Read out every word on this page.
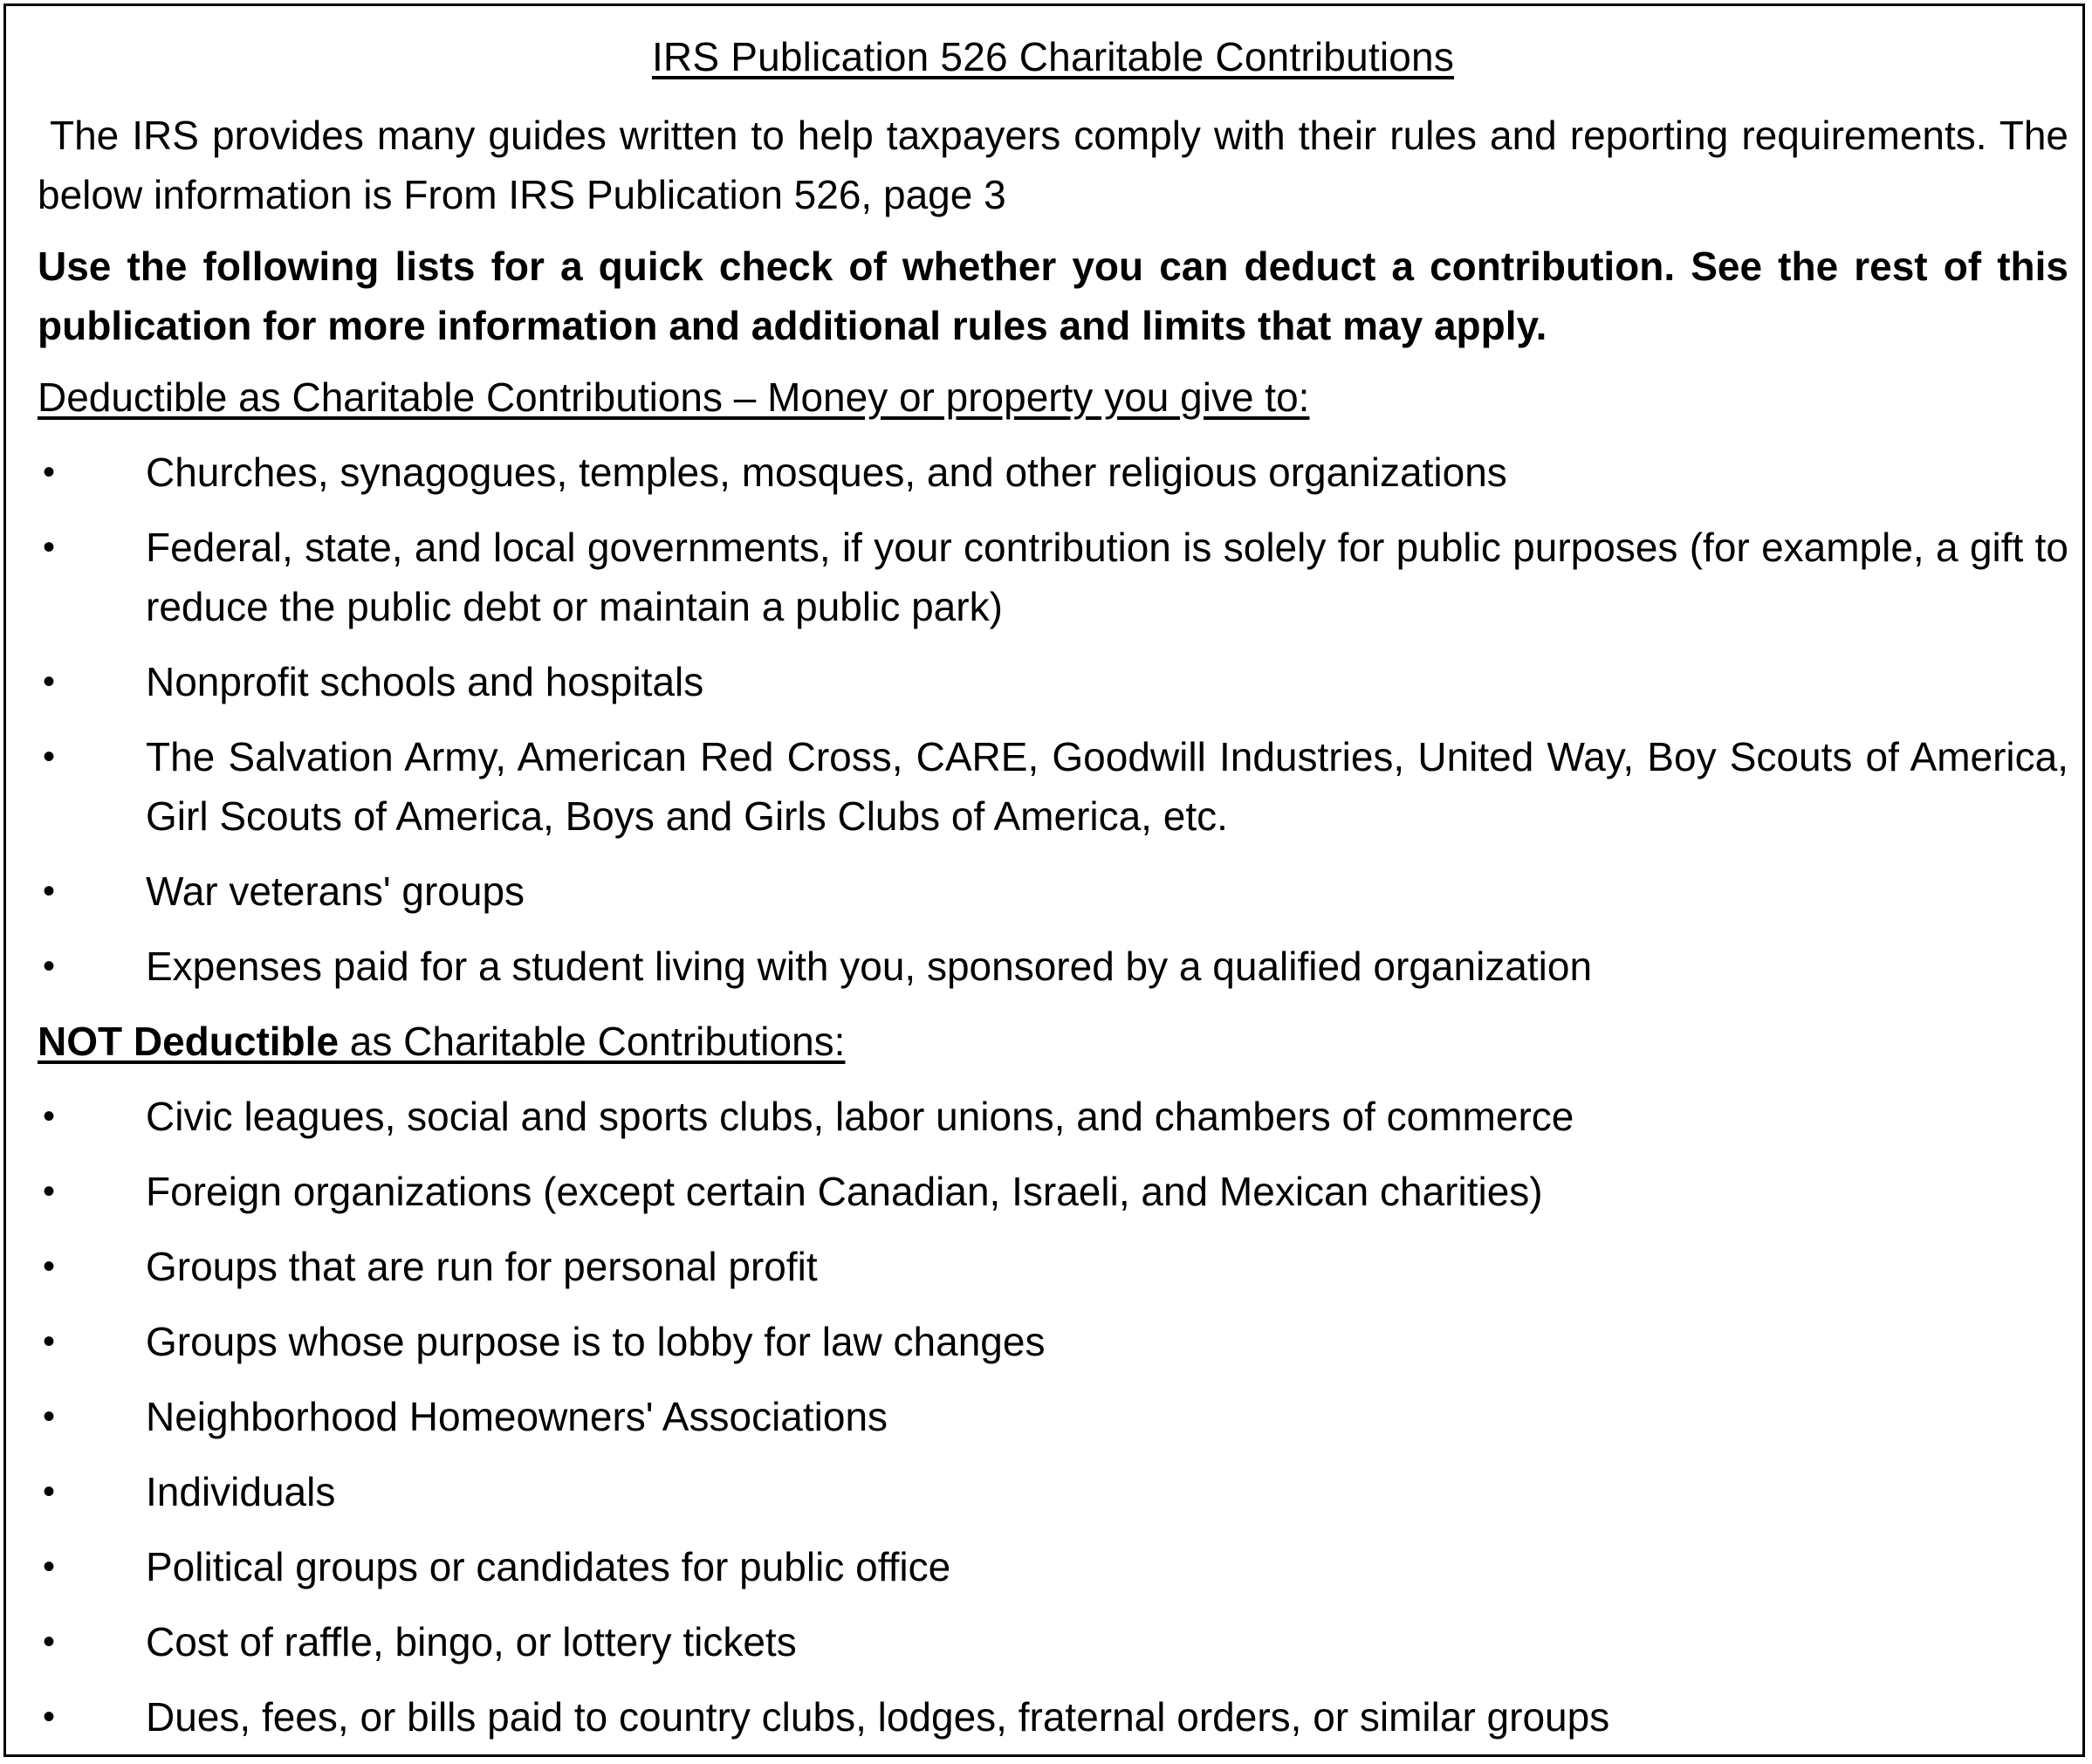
IRS Publication 526 Charitable Contributions

The IRS provides many guides written to help taxpayers comply with their rules and reporting requirements. The below information is From IRS Publication 526, page 3

Use the following lists for a quick check of whether you can deduct a contribution. See the rest of this publication for more information and additional rules and limits that may apply.

Deductible as Charitable Contributions – Money or property you give to:
• Churches, synagogues, temples, mosques, and other religious organizations
• Federal, state, and local governments, if your contribution is solely for public purposes (for example, a gift to reduce the public debt or maintain a public park)
• Nonprofit schools and hospitals
• The Salvation Army, American Red Cross, CARE, Goodwill Industries, United Way, Boy Scouts of America, Girl Scouts of America, Boys and Girls Clubs of America, etc.
• War veterans' groups
• Expenses paid for a student living with you, sponsored by a qualified organization
NOT Deductible as Charitable Contributions:
• Civic leagues, social and sports clubs, labor unions, and chambers of commerce
• Foreign organizations (except certain Canadian, Israeli, and Mexican charities)
• Groups that are run for personal profit
• Groups whose purpose is to lobby for law changes
• Neighborhood Homeowners' Associations
• Individuals
• Political groups or candidates for public office
• Cost of raffle, bingo, or lottery tickets
• Dues, fees, or bills paid to country clubs, lodges, fraternal orders, or similar groups
